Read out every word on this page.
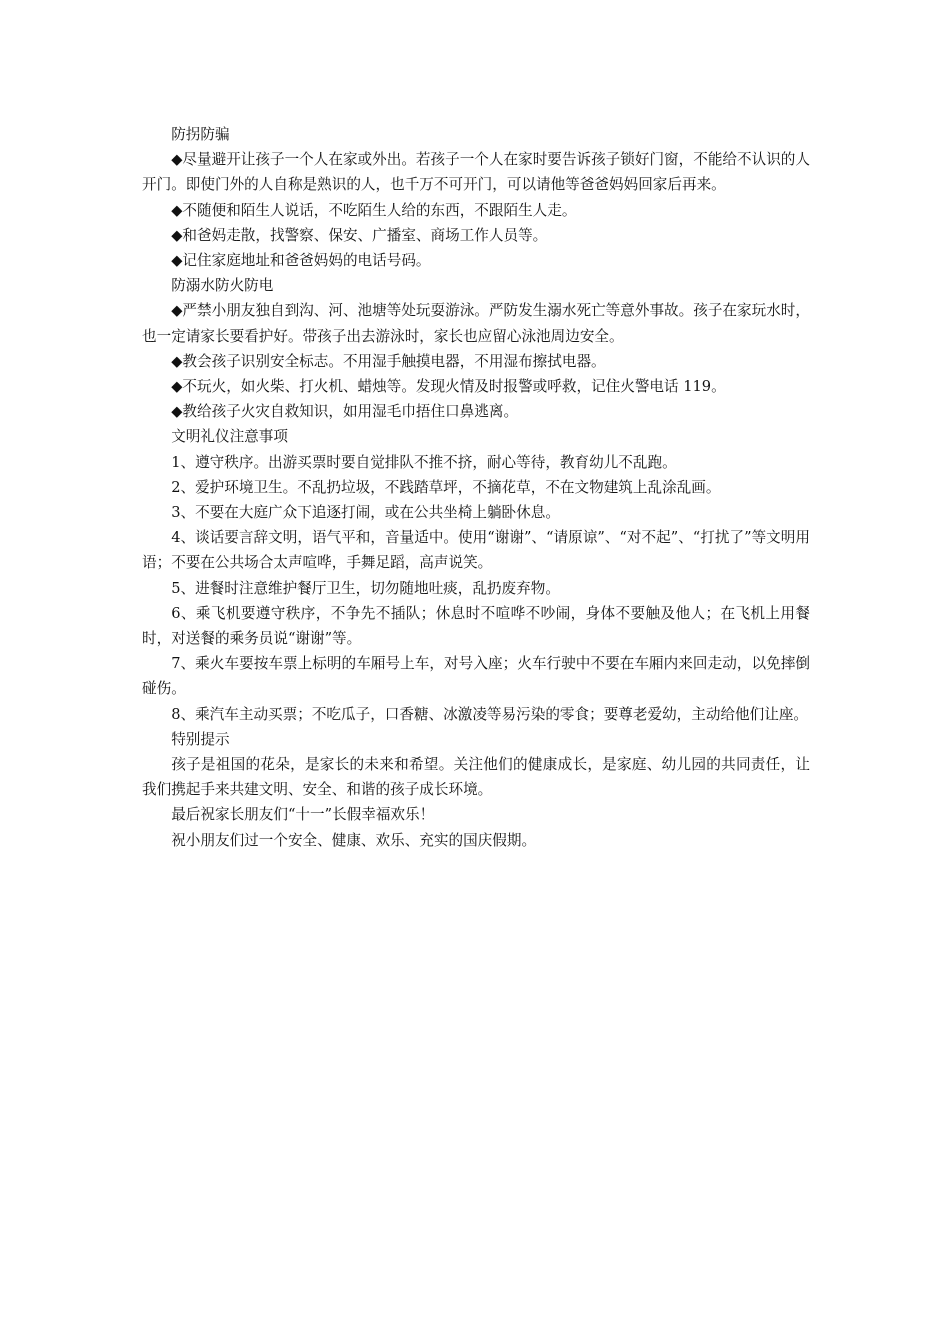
防拐防骗

◆尽量避开让孩子一个人在家或外出。若孩子一个人在家时要告诉孩子锁好门窗，不能给不认识的人开门。即使门外的人自称是熟识的人，也千万不可开门，可以请他等爸爸妈妈回家后再来。

◆不随便和陌生人说话，不吃陌生人给的东西，不跟陌生人走。

◆和爸妈走散，找警察、保安、广播室、商场工作人员等。

◆记住家庭地址和爸爸妈妈的电话号码。

防溺水防火防电

◆严禁小朋友独自到沟、河、池塘等处玩耍游泳。严防发生溺水死亡等意外事故。孩子在家玩水时，也一定请家长要看护好。带孩子出去游泳时，家长也应留心泳池周边安全。

◆教会孩子识别安全标志。不用湿手触摸电器，不用湿布擦拭电器。

◆不玩火，如火柴、打火机、蜡烛等。发现火情及时报警或呼救，记住火警电话 119。

◆教给孩子火灾自救知识，如用湿毛巾捂住口鼻逃离。

文明礼仪注意事项

1、遵守秩序。出游买票时要自觉排队不推不挤，耐心等待，教育幼儿不乱跑。

2、爱护环境卫生。不乱扔垃圾，不践踏草坪，不摘花草，不在文物建筑上乱涂乱画。

3、不要在大庭广众下追逐打闹，或在公共坐椅上躺卧休息。

4、谈话要言辞文明，语气平和，音量适中。使用“谢谢”、“请原谅”、“对不起”、“打扰了”等文明用语；不要在公共场合太声喧哗，手舞足蹈，高声说笑。

5、进餐时注意维护餐厅卫生，切勿随地吐痰，乱扔废弃物。

6、乘飞机要遵守秩序，不争先不插队；休息时不喧哗不吵闹，身体不要触及他人；在飞机上用餐时，对送餐的乘务员说“谢谢”等。

7、乘火车要按车票上标明的车厢号上车，对号入座；火车行驶中不要在车厢内来回走动，以免摔倒碰伤。

8、乘汽车主动买票；不吃瓜子，口香糖、冰激凌等易污染的零食；要尊老爱幼，主动给他们让座。

特别提示

孩子是祖国的花朵，是家长的未来和希望。关注他们的健康成长，是家庭、幼儿园的共同责任，让我们携起手来共建文明、安全、和谐的孩子成长环境。

最后祝家长朋友们“十一”长假幸福欢乐！

祝小朋友们过一个安全、健康、欢乐、充实的国庆假期。
